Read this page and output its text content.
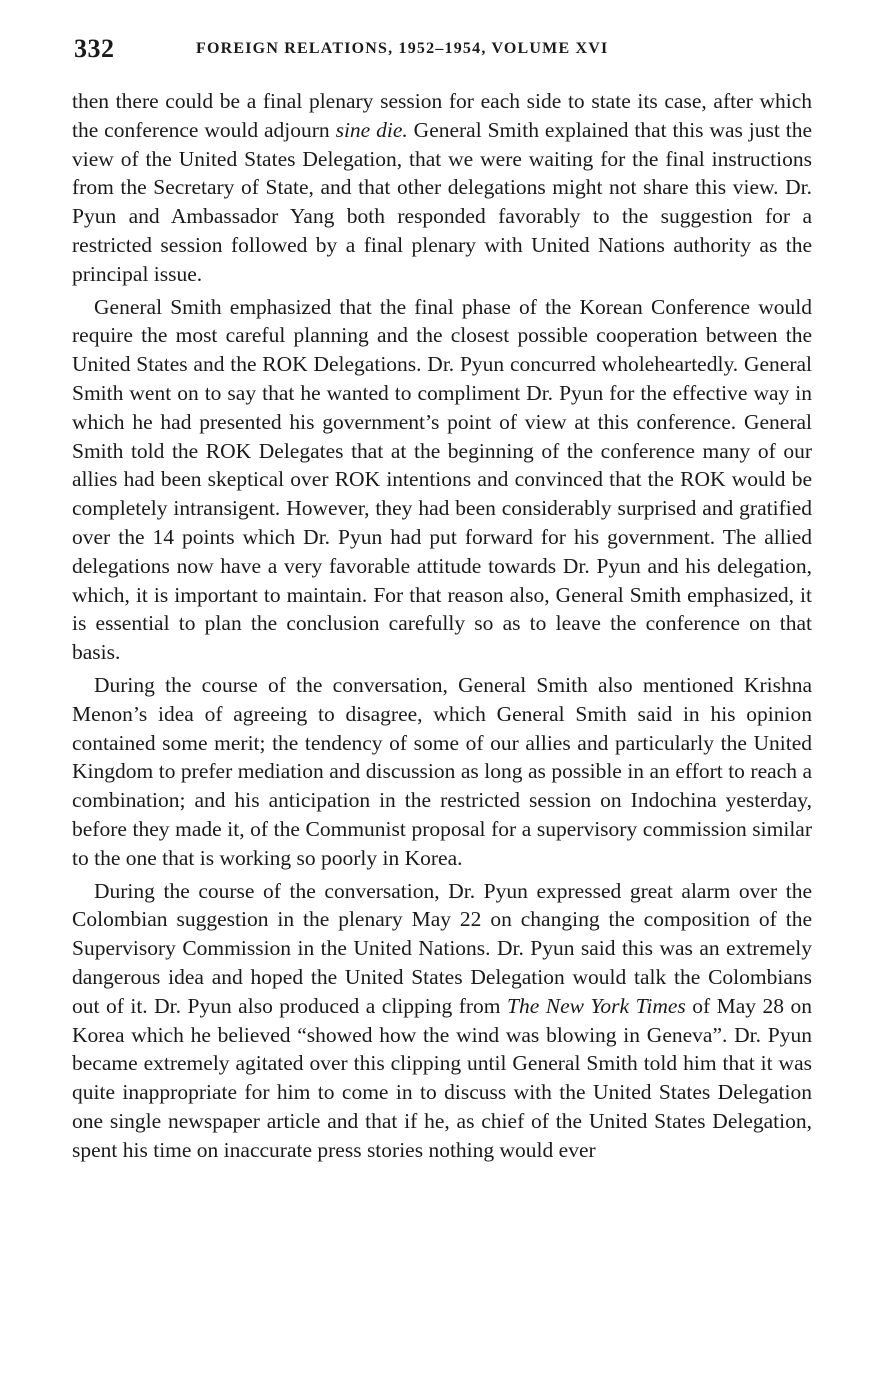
332	FOREIGN RELATIONS, 1952–1954, VOLUME XVI

then there could be a final plenary session for each side to state its case, after which the conference would adjourn sine die. General Smith explained that this was just the view of the United States Delegation, that we were waiting for the final instructions from the Secretary of State, and that other delegations might not share this view. Dr. Pyun and Ambassador Yang both responded favorably to the suggestion for a restricted session followed by a final plenary with United Nations authority as the principal issue.

General Smith emphasized that the final phase of the Korean Conference would require the most careful planning and the closest possible cooperation between the United States and the ROK Delegations. Dr. Pyun concurred wholeheartedly. General Smith went on to say that he wanted to compliment Dr. Pyun for the effective way in which he had presented his government’s point of view at this conference. General Smith told the ROK Delegates that at the beginning of the conference many of our allies had been skeptical over ROK intentions and convinced that the ROK would be completely intransigent. However, they had been considerably surprised and gratified over the 14 points which Dr. Pyun had put forward for his government. The allied delegations now have a very favorable attitude towards Dr. Pyun and his delegation, which, it is important to maintain. For that reason also, General Smith emphasized, it is essential to plan the conclusion carefully so as to leave the conference on that basis.

During the course of the conversation, General Smith also mentioned Krishna Menon’s idea of agreeing to disagree, which General Smith said in his opinion contained some merit; the tendency of some of our allies and particularly the United Kingdom to prefer mediation and discussion as long as possible in an effort to reach a combination; and his anticipation in the restricted session on Indochina yesterday, before they made it, of the Communist proposal for a supervisory commission similar to the one that is working so poorly in Korea.

During the course of the conversation, Dr. Pyun expressed great alarm over the Colombian suggestion in the plenary May 22 on changing the composition of the Supervisory Commission in the United Nations. Dr. Pyun said this was an extremely dangerous idea and hoped the United States Delegation would talk the Colombians out of it. Dr. Pyun also produced a clipping from The New York Times of May 28 on Korea which he believed “showed how the wind was blowing in Geneva”. Dr. Pyun became extremely agitated over this clipping until General Smith told him that it was quite inappropriate for him to come in to discuss with the United States Delegation one single newspaper article and that if he, as chief of the United States Delegation, spent his time on inaccurate press stories nothing would ever
